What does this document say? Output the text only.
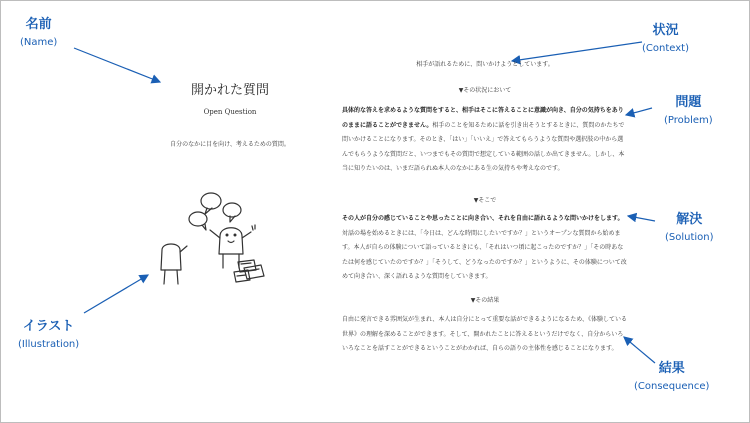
名前
(Name)
状況
(Context)
問題
(Problem)
解決
(Solution)
イラスト
(Illustration)
結果
(Consequence)
開かれた質問
Open Question
自分のなかに目を向け、考えるための質問。
相手が語れるために、問いかけようとしています。
▼その状況において
具体的な答えを求めるような質問をすると、相手はそこに答えることに意識が向き、自分の気持ちをありのままに語ることができません。相手のことを知るために話を引き出そうとするときに、質問のかたちで問いかけることになります。そのとき、「はい」「いいえ」で答えてもらうような質問や選択肢の中から選んでもらうような質問だと、いつまでもその質問で想定している範囲の話しか出てきません。しかし、本当に知りたいのは、いまだ語られぬ本人のなかにある生の気持ちや考えなのです。
▼そこで
その人が自分の感じていることや思ったことに向き合い、それを自由に語れるような問いかけをします。対話の場を始めるときには、「今日は、どんな時間にしたいですか？」というオープンな質問から始めます。本人が自らの体験について語っているときにも、「それはいつ頃に起こったのですか？」「その時あなたは何を感じていたのですか？」「そうして、どうなったのですか？」というように、その体験について改めて向き合い、深く語れるような質問をしていきます。
▼その結果
自由に発言できる雰囲気が生まれ、本人は自分にとって重要な話ができるようになるため、《体験している世界》の理解を深めることができます。そして、開かれたことに答えるというだけでなく、自分からいろいろなことを話すことができるということがわかれば、自らの語りの主体性を感じることになります。
